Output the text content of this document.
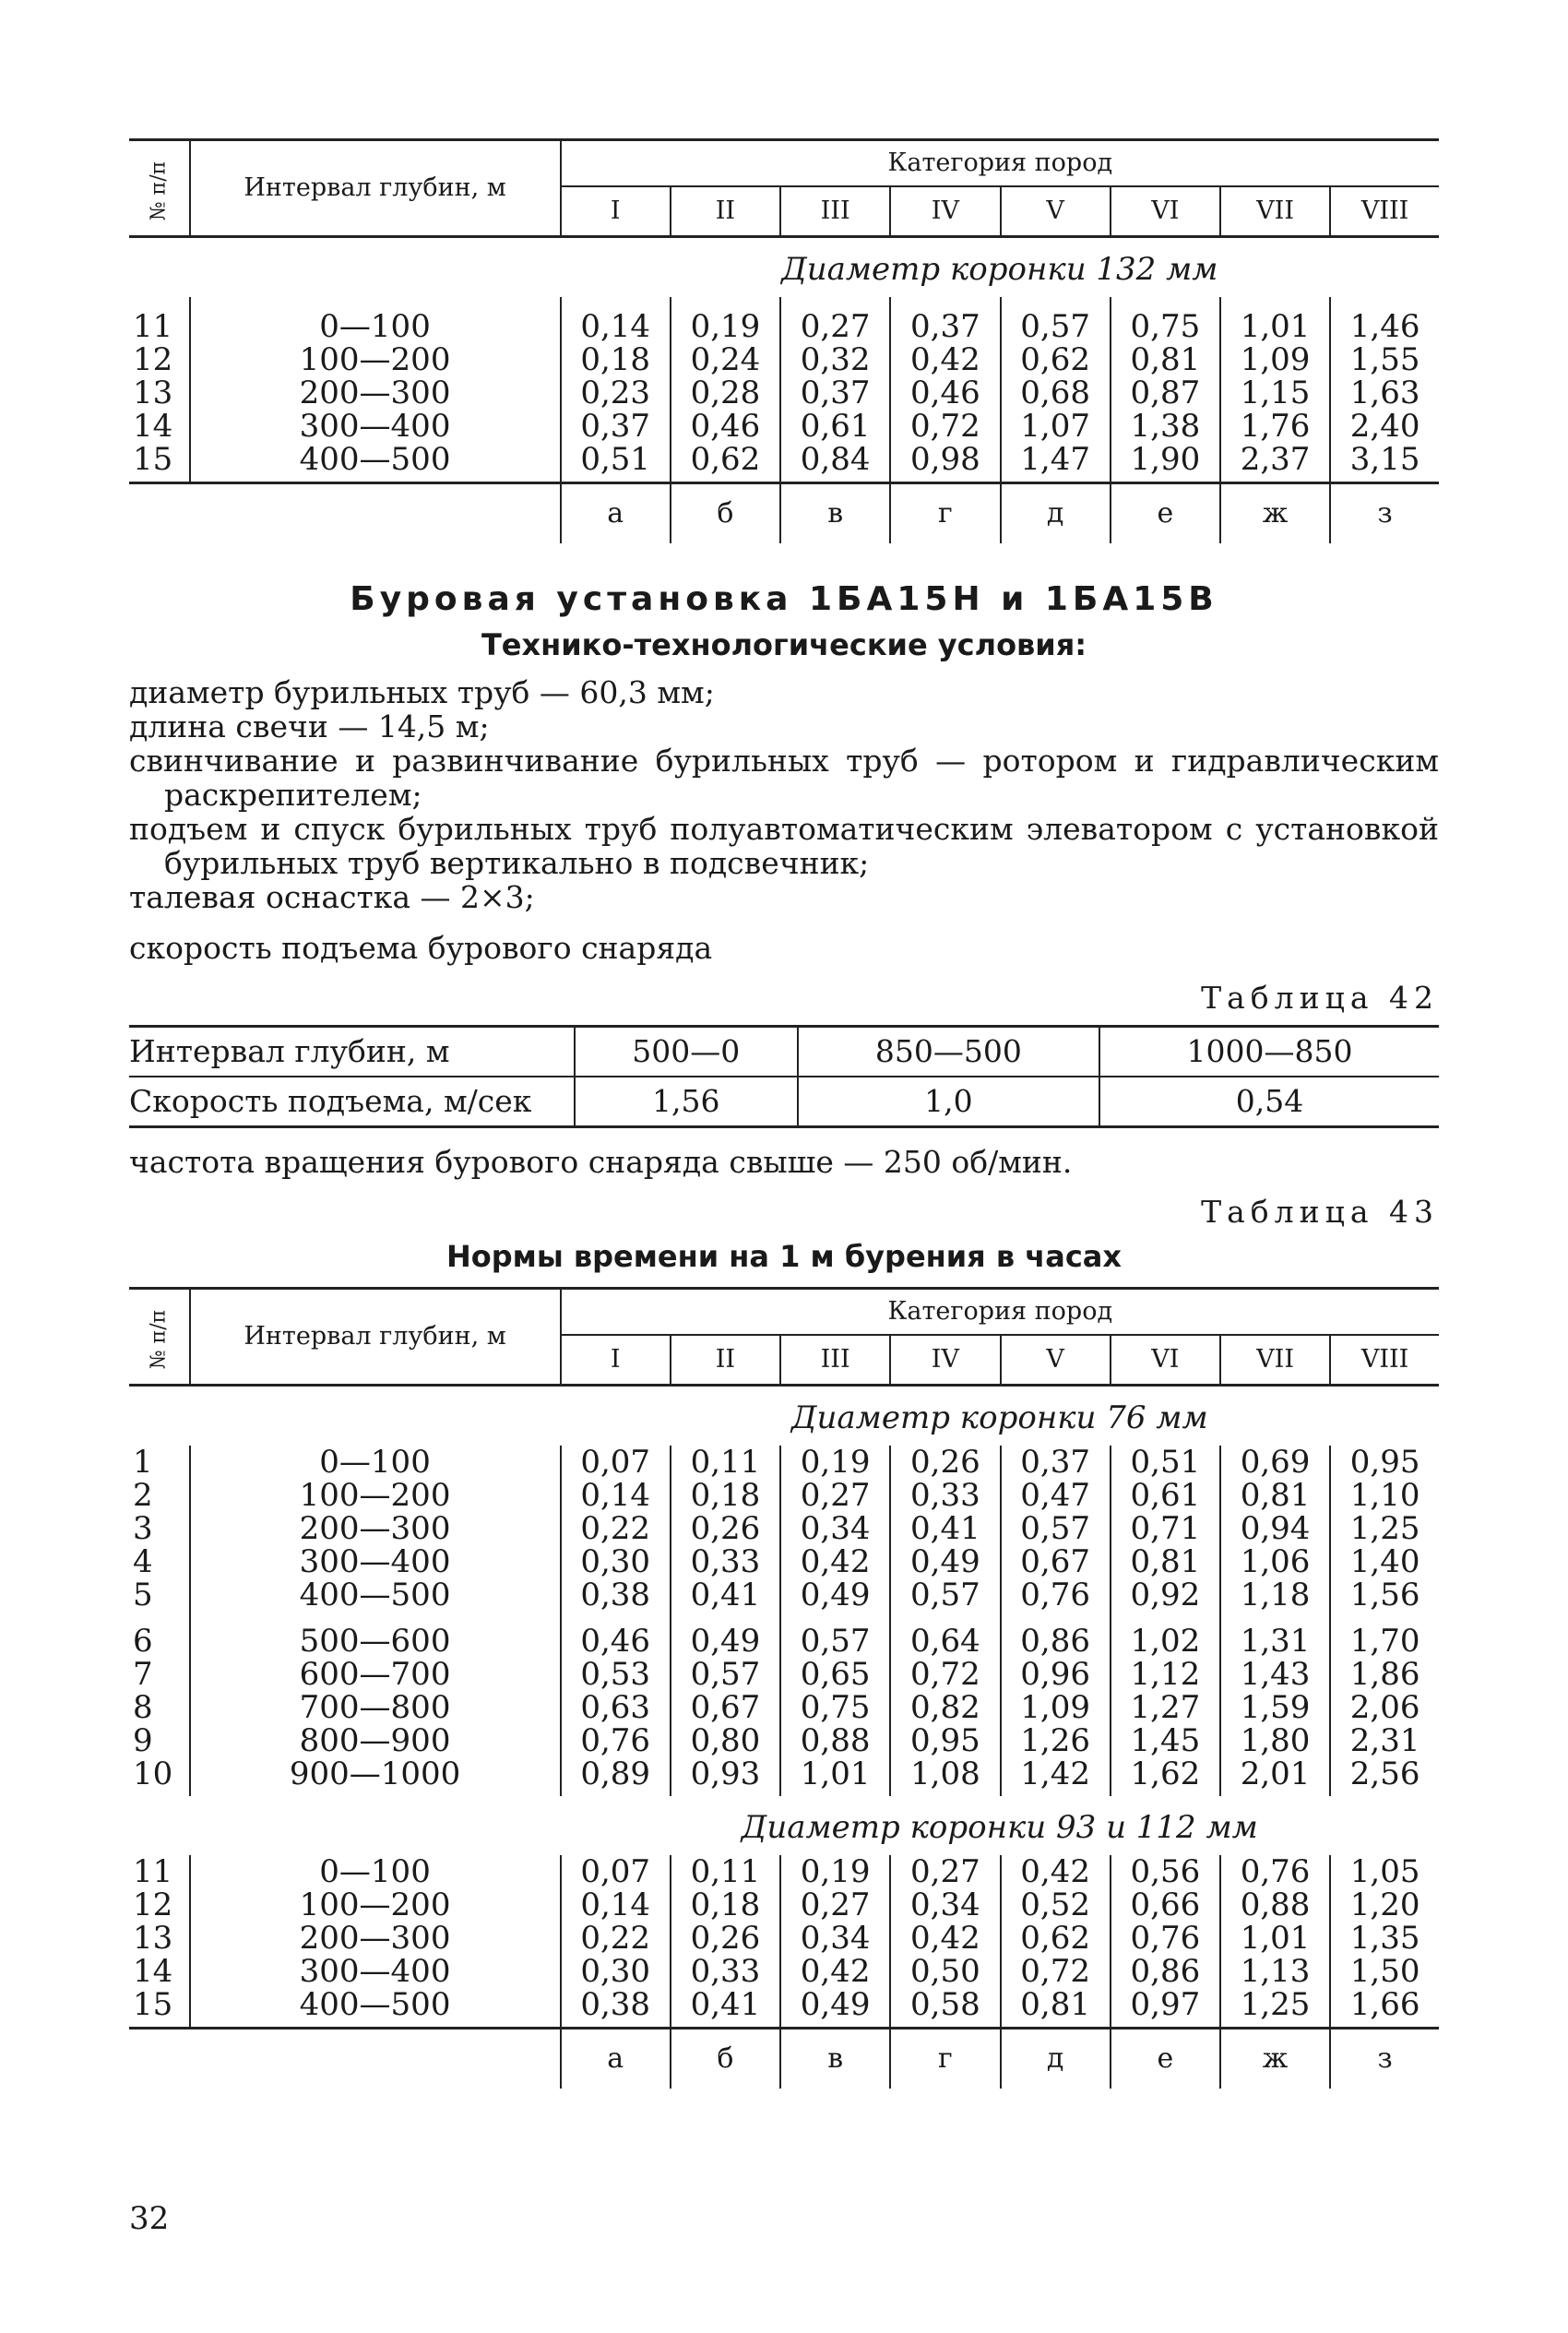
№ п/п	Интервал глубин, м	Категория пород							
		I	II	III	IV	V	VI	VII	VIII
		Диаметр коронки 132 мм							
11	0—100	0,14	0,19	0,27	0,37	0,57	0,75	1,01	1,46
12	100—200	0,18	0,24	0,32	0,42	0,62	0,81	1,09	1,55
13	200—300	0,23	0,28	0,37	0,46	0,68	0,87	1,15	1,63
14	300—400	0,37	0,46	0,61	0,72	1,07	1,38	1,76	2,40
15	400—500	0,51	0,62	0,84	0,98	1,47	1,90	2,37	3,15
		а	б	в	г	д	е	ж	з
Буровая установка 1БА15Н и 1БА15В
Технико-технологические условия:

диаметр бурильных труб — 60,3 мм;

длина свечи — 14,5 м;

свинчивание и развинчивание бурильных труб — ротором и гидравлическим раскрепителем;

подъем и спуск бурильных труб полуавтоматическим элеватором с установкой бурильных труб вертикально в подсвечник;

талевая оснастка — 2×3;

скорость подъема бурового снаряда

Таблица 42
Интервал глубин, м	500—0	850—500	1000—850
Скорость подъема, м/сек	1,56	1,0	0,54

частота вращения бурового снаряда свыше — 250 об/мин.

Таблица 43
Нормы времени на 1 м бурения в часах
№ п/п	Интервал глубин, м	Категория пород							
		I	II	III	IV	V	VI	VII	VIII
		Диаметр коронки 76 мм							
1	0—100	0,07	0,11	0,19	0,26	0,37	0,51	0,69	0,95
2	100—200	0,14	0,18	0,27	0,33	0,47	0,61	0,81	1,10
3	200—300	0,22	0,26	0,34	0,41	0,57	0,71	0,94	1,25
4	300—400	0,30	0,33	0,42	0,49	0,67	0,81	1,06	1,40
5	400—500	0,38	0,41	0,49	0,57	0,76	0,92	1,18	1,56
6	500—600	0,46	0,49	0,57	0,64	0,86	1,02	1,31	1,70
7	600—700	0,53	0,57	0,65	0,72	0,96	1,12	1,43	1,86
8	700—800	0,63	0,67	0,75	0,82	1,09	1,27	1,59	2,06
9	800—900	0,76	0,80	0,88	0,95	1,26	1,45	1,80	2,31
10	900—1000	0,89	0,93	1,01	1,08	1,42	1,62	2,01	2,56
		Диаметр коронки 93 и 112 мм							
11	0—100	0,07	0,11	0,19	0,27	0,42	0,56	0,76	1,05
12	100—200	0,14	0,18	0,27	0,34	0,52	0,66	0,88	1,20
13	200—300	0,22	0,26	0,34	0,42	0,62	0,76	1,01	1,35
14	300—400	0,30	0,33	0,42	0,50	0,72	0,86	1,13	1,50
15	400—500	0,38	0,41	0,49	0,58	0,81	0,97	1,25	1,66
		а	б	в	г	д	е	ж	з
32
